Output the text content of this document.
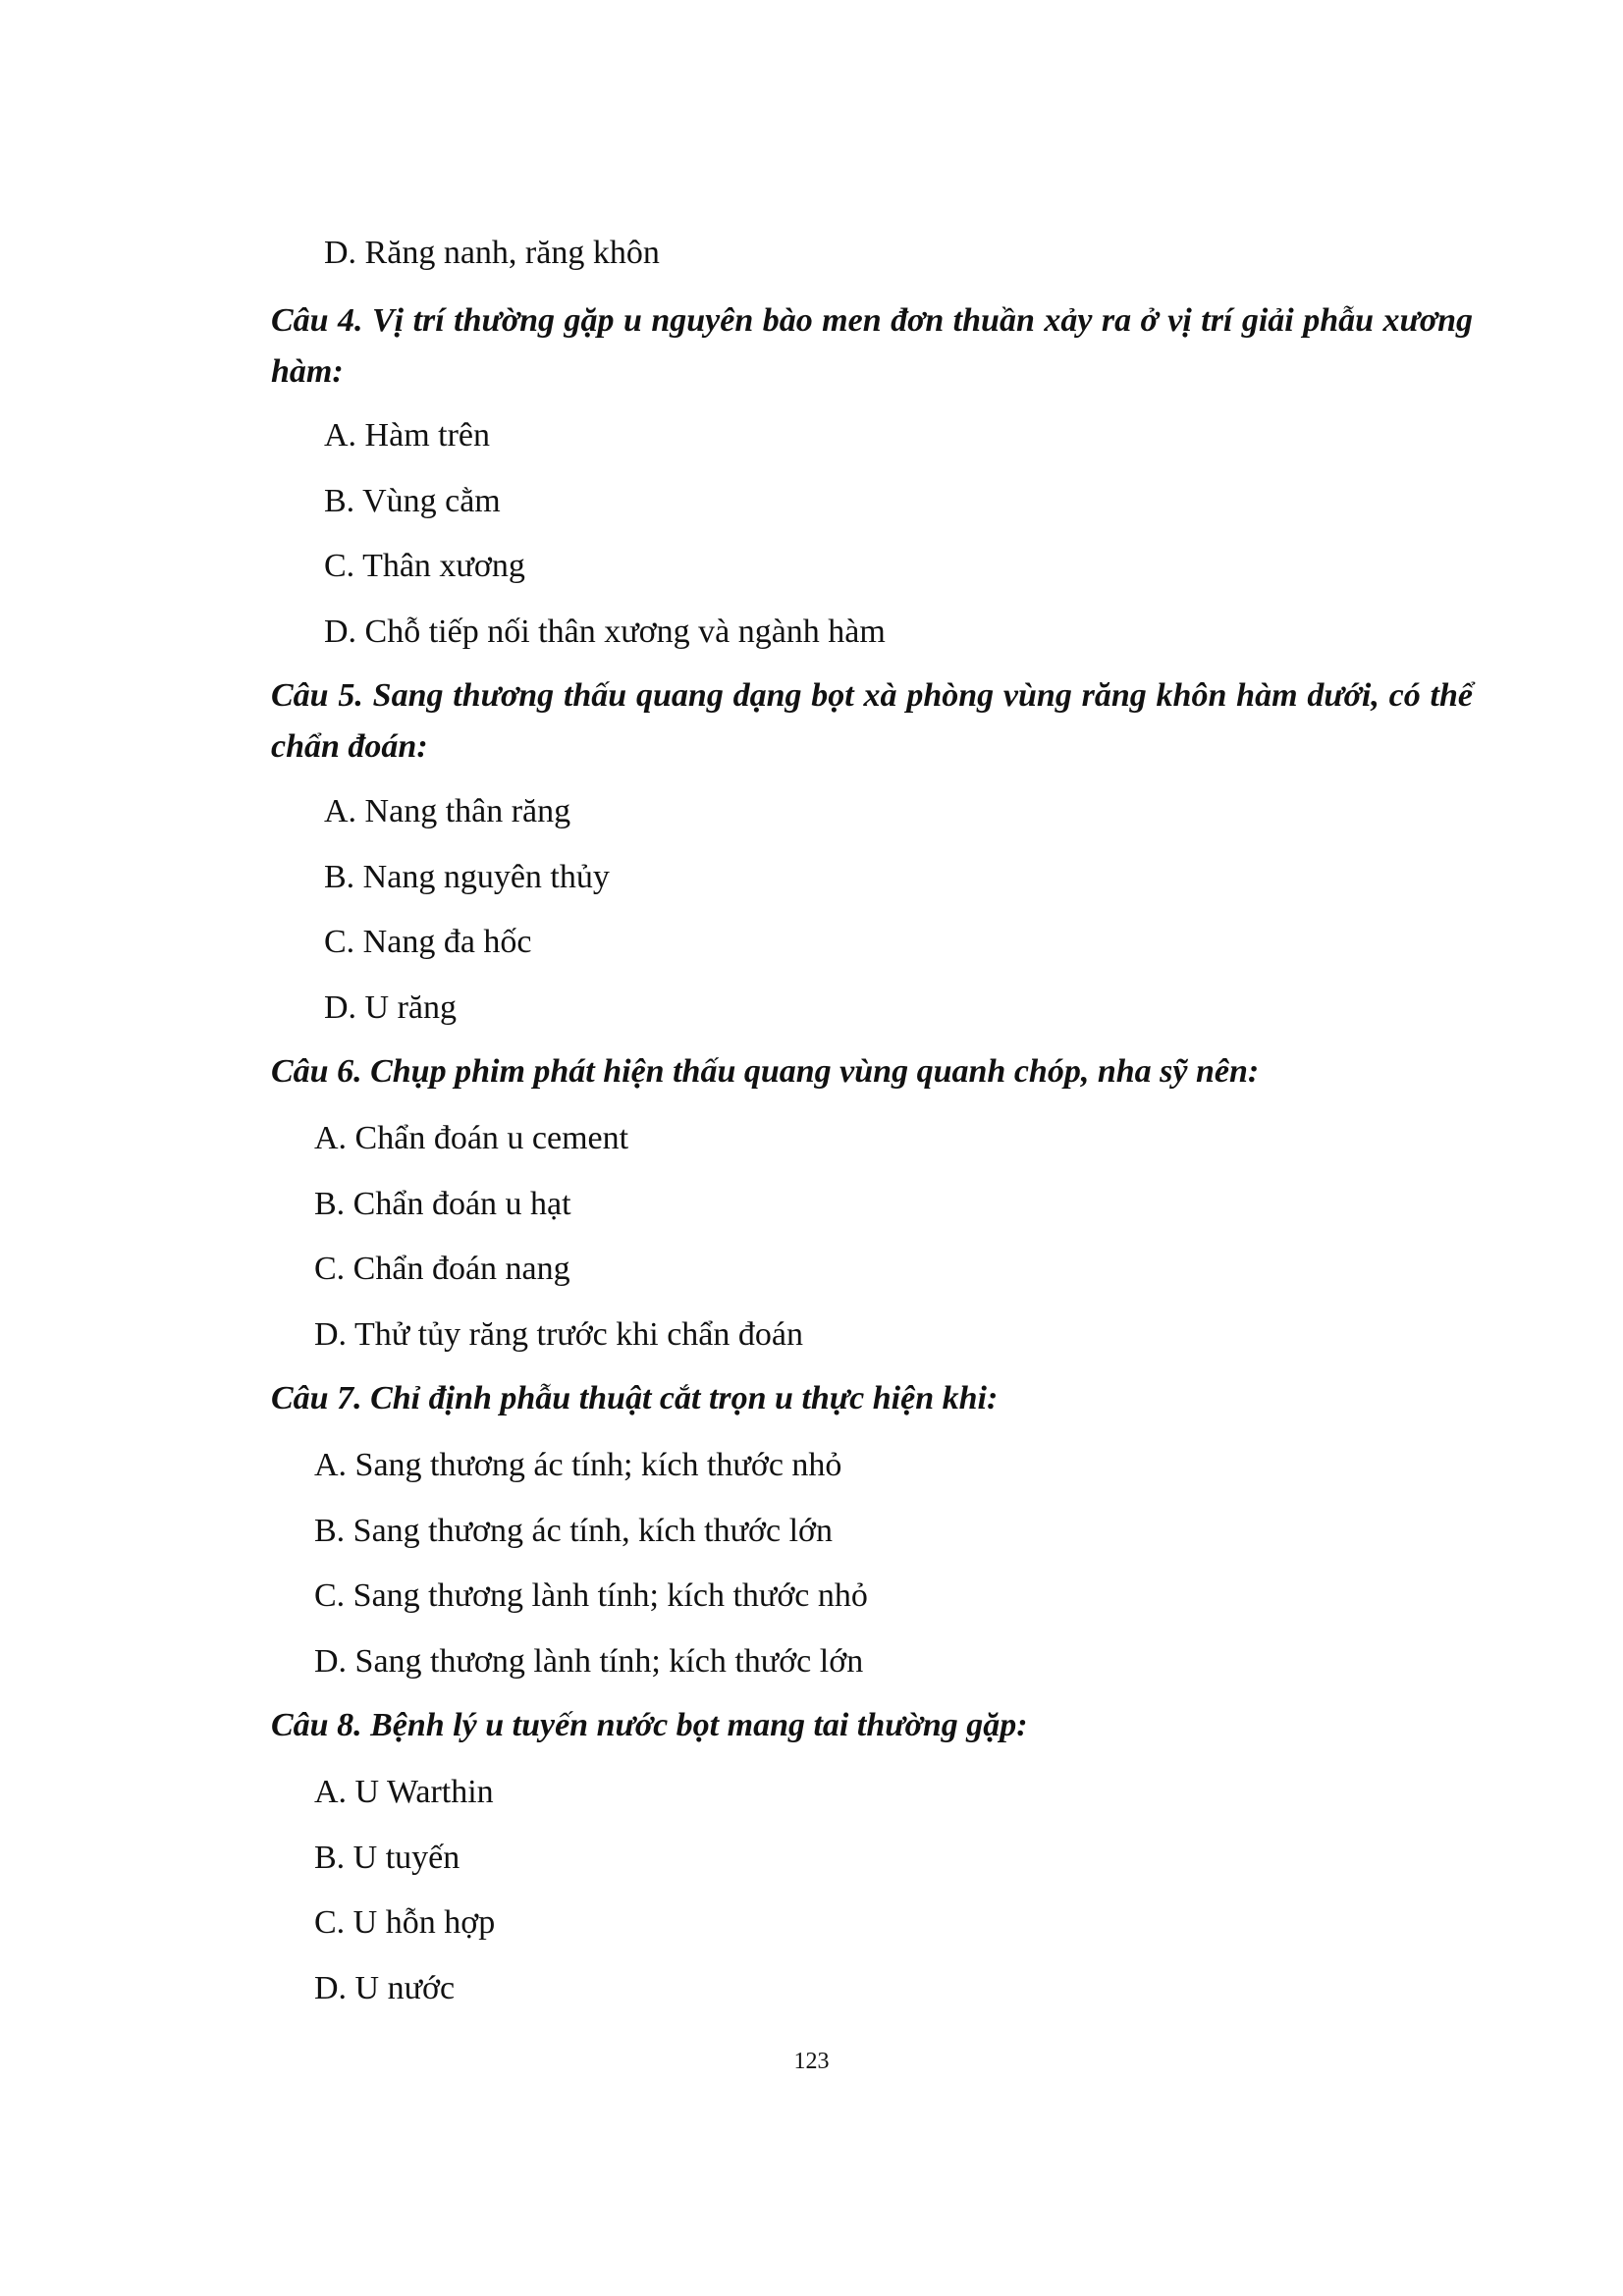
D. Răng nanh, răng khôn
Câu 4. Vị trí thường gặp u nguyên bào men đơn thuần xảy ra ở vị trí giải phẫu xương hàm:
A. Hàm trên
B. Vùng cằm
C. Thân xương
D. Chỗ tiếp nối thân xương và ngành hàm
Câu 5. Sang thương thấu quang dạng bọt xà phòng vùng răng khôn hàm dưới, có thể chẩn đoán:
A. Nang thân răng
B. Nang nguyên thủy
C. Nang đa hốc
D. U răng
Câu 6. Chụp phim phát hiện thấu quang vùng quanh chóp, nha sỹ nên:
A. Chẩn đoán u cement
B. Chẩn đoán u hạt
C. Chẩn đoán nang
D. Thử tủy răng trước khi chẩn đoán
Câu 7. Chỉ định phẫu thuật cắt trọn u thực hiện khi:
A. Sang thương ác tính; kích thước nhỏ
B. Sang thương ác tính, kích thước lớn
C. Sang thương lành tính; kích thước nhỏ
D. Sang thương lành tính; kích thước lớn
Câu 8. Bệnh lý u tuyến nước bọt mang tai thường gặp:
A. U Warthin
B. U tuyến
C. U hỗn hợp
D. U nước
123
